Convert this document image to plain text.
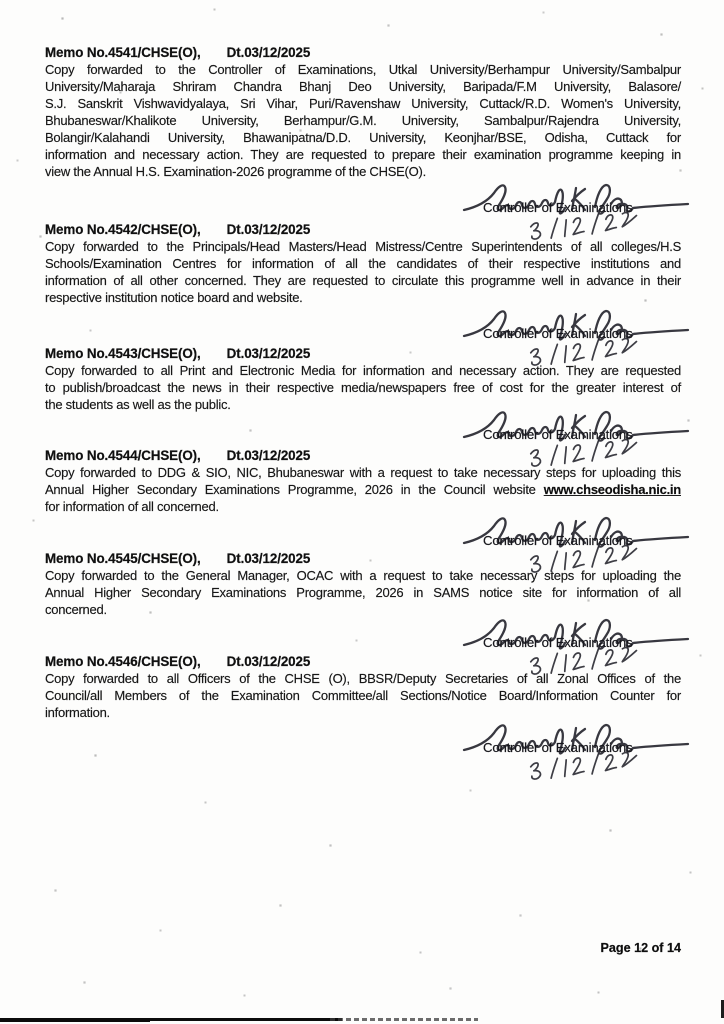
Memo No.4541/CHSE(O), Dt.03/12/2025
Copy forwarded to the Controller of Examinations, Utkal University/Berhampur University/Sambalpur
University/Maharaja Shriram Chandra Bhanj Deo University, Baripada/F.M University, Balasore/
S.J. Sanskrit Vishwavidyalaya, Sri Vihar, Puri/Ravenshaw University, Cuttack/R.D. Women's University,
Bhubaneswar/Khalikote University, Berhampur/G.M. University, Sambalpur/Rajendra University,
Bolangir/Kalahandi University, Bhawanipatna/D.D. University, Keonjhar/BSE, Odisha, Cuttack for
information and necessary action. They are requested to prepare their examination programme keeping in
view the Annual H.S. Examination-2026 programme of the CHSE(O).
Controller of Examinations
Memo No.4542/CHSE(O), Dt.03/12/2025
Copy forwarded to the Principals/Head Masters/Head Mistress/Centre Superintendents of all colleges/H.S
Schools/Examination Centres for information of all the candidates of their respective institutions and
information of all other concerned. They are requested to circulate this programme well in advance in their
respective institution notice board and website.
Controller of Examinations
Memo No.4543/CHSE(O), Dt.03/12/2025
Copy forwarded to all Print and Electronic Media for information and necessary action. They are requested
to publish/broadcast the news in their respective media/newspapers free of cost for the greater interest of
the students as well as the public.
Controller of Examinations
Memo No.4544/CHSE(O), Dt.03/12/2025
Copy forwarded to DDG & SIO, NIC, Bhubaneswar with a request to take necessary steps for uploading this
Annual Higher Secondary Examinations Programme, 2026 in the Council website www.chseodisha.nic.in
for information of all concerned.
Controller of Examinations
Memo No.4545/CHSE(O), Dt.03/12/2025
Copy forwarded to the General Manager, OCAC with a request to take necessary steps for uploading the
Annual Higher Secondary Examinations Programme, 2026 in SAMS notice site for information of all
concerned.
Controller of Examinations
Memo No.4546/CHSE(O), Dt.03/12/2025
Copy forwarded to all Officers of the CHSE (O), BBSR/Deputy Secretaries of all Zonal Offices of the
Council/all Members of the Examination Committee/all Sections/Notice Board/Information Counter for
information.
Controller of Examinations
Page 12 of 14
